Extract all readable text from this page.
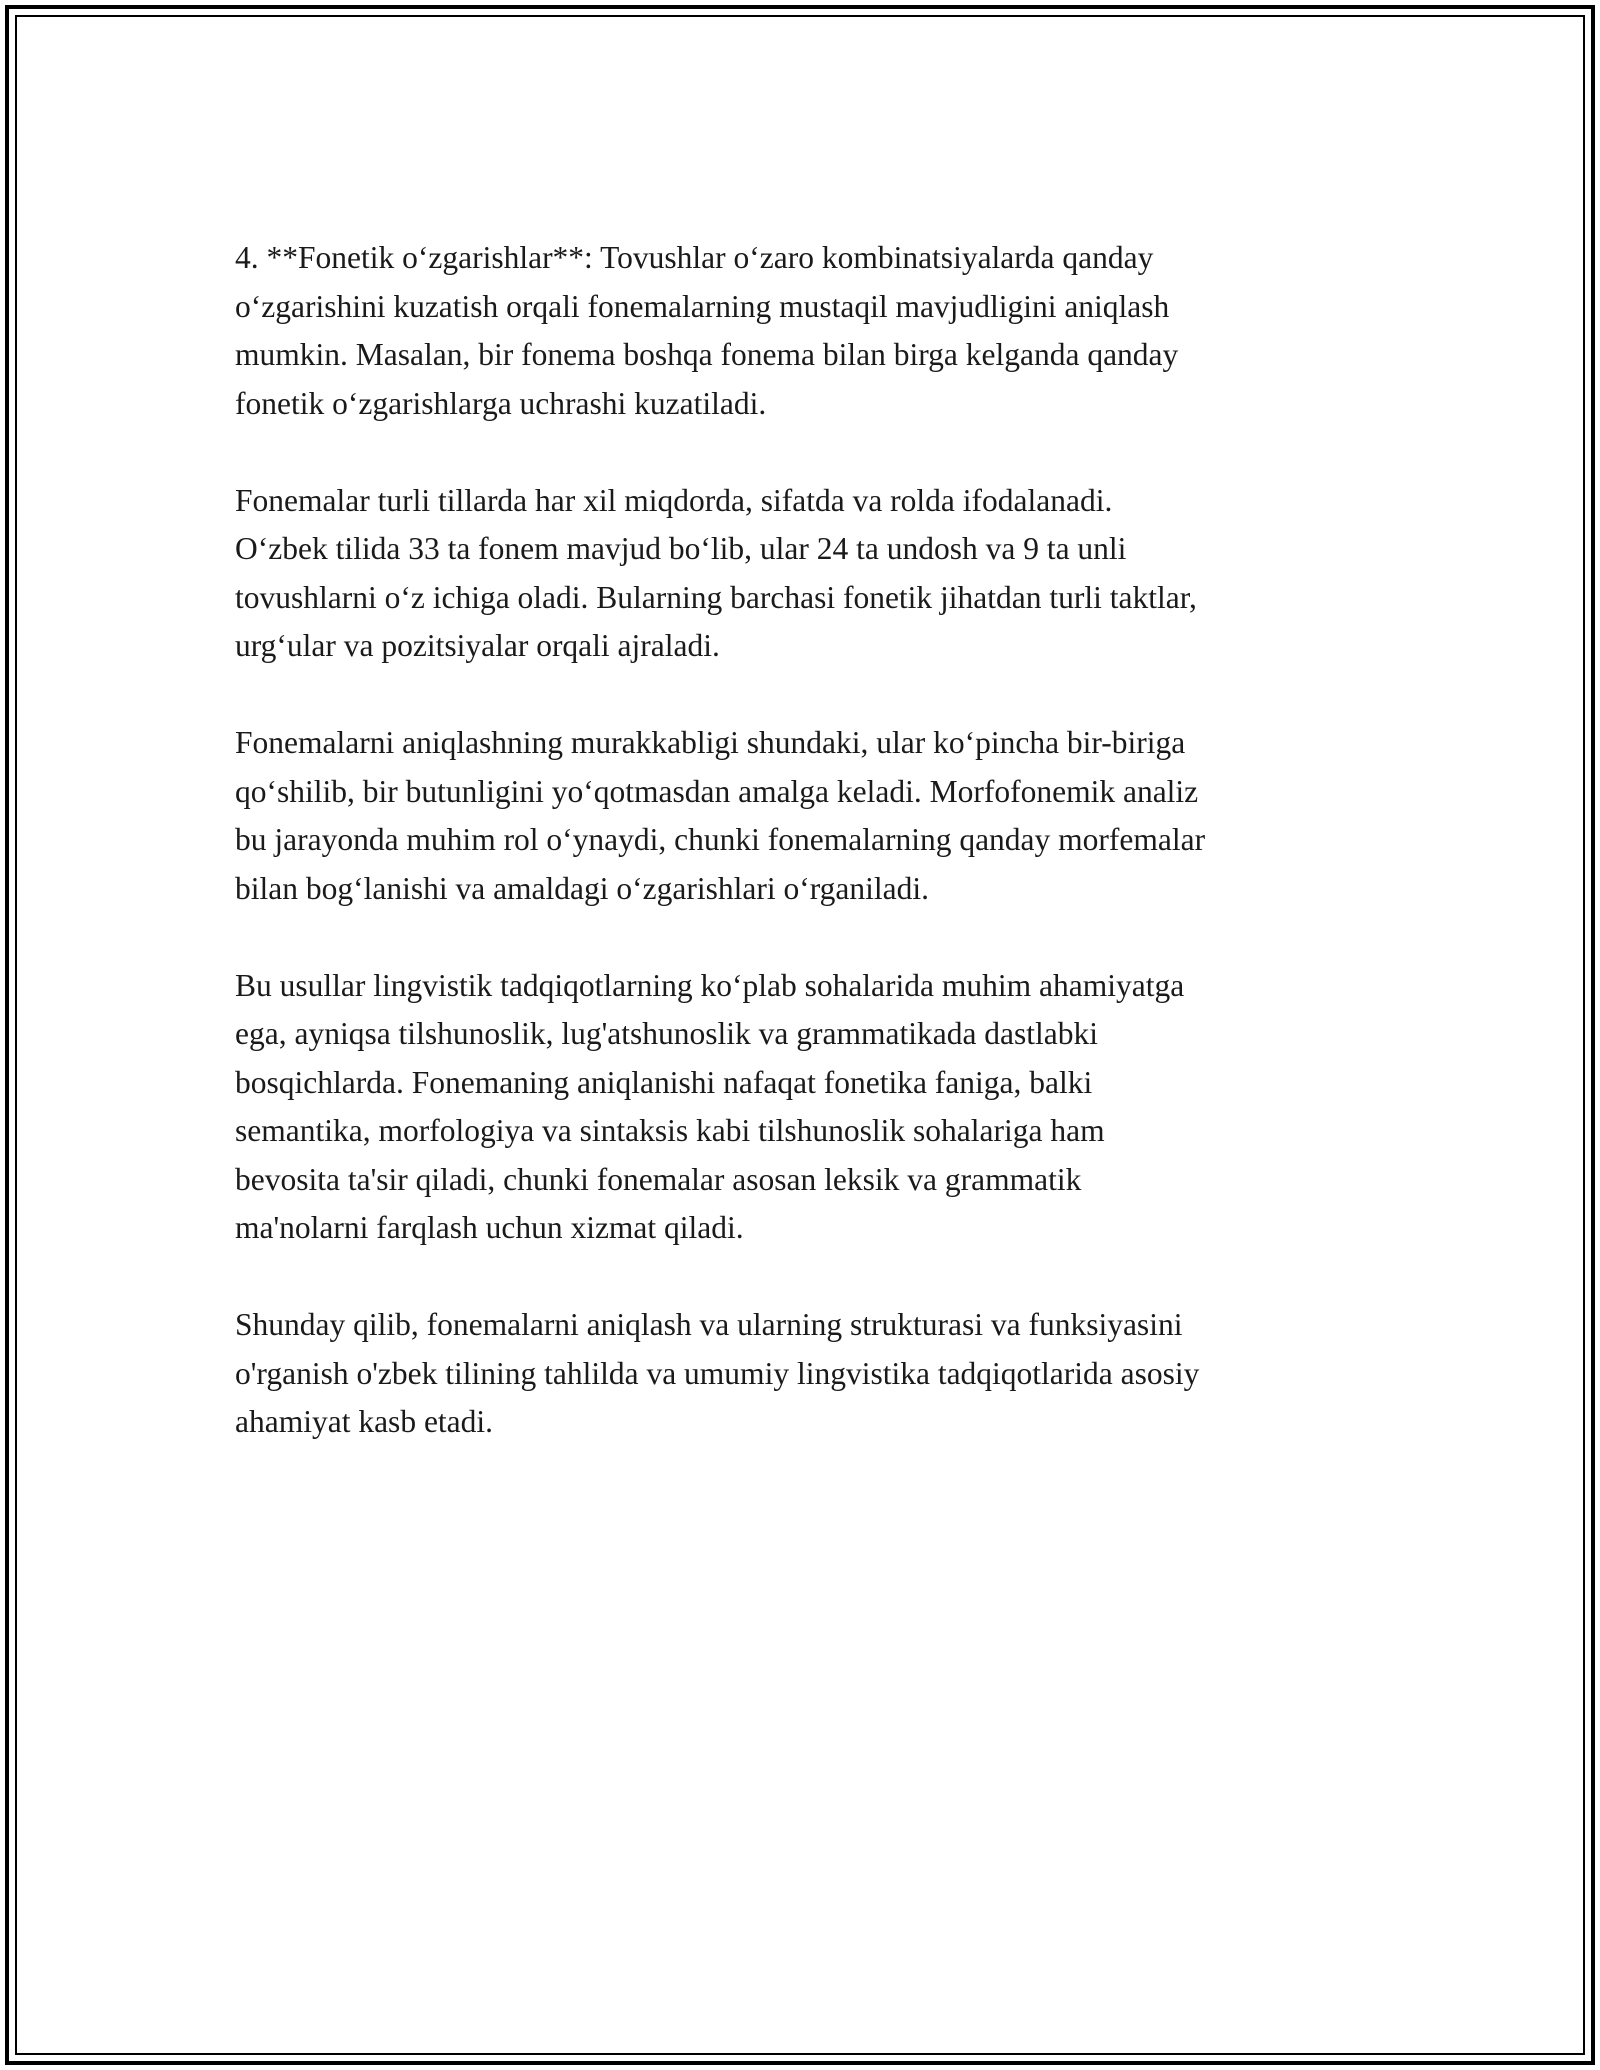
4. **Fonetik oʻzgarishlar**: Tovushlar oʻzaro kombinatsiyalarda qanday
oʻzgarishini kuzatish orqali fonemalarning mustaqil mavjudligini aniqlash
mumkin. Masalan, bir fonema boshqa fonema bilan birga kelganda qanday
fonetik oʻzgarishlarga uchrashi kuzatiladi.

Fonemalar turli tillarda har xil miqdorda, sifatda va rolda ifodalanadi.
Oʻzbek tilida 33 ta fonem mavjud boʻlib, ular 24 ta undosh va 9 ta unli
tovushlarni oʻz ichiga oladi. Bularning barchasi fonetik jihatdan turli taktlar,
urgʻular va pozitsiyalar orqali ajraladi.

Fonemalarni aniqlashning murakkabligi shundaki, ular koʻpincha bir-biriga
qoʻshilib, bir butunligini yoʻqotmasdan amalga keladi. Morfofonemik analiz
bu jarayonda muhim rol oʻynaydi, chunki fonemalarning qanday morfemalar
bilan bogʻlanishi va amaldagi oʻzgarishlari oʻrganiladi.

Bu usullar lingvistik tadqiqotlarning koʻplab sohalarida muhim ahamiyatga
ega, ayniqsa tilshunoslik, lug'atshunoslik va grammatikada dastlabki
bosqichlarda. Fonemaning aniqlanishi nafaqat fonetika faniga, balki
semantika, morfologiya va sintaksis kabi tilshunoslik sohalariga ham
bevosita ta'sir qiladi, chunki fonemalar asosan leksik va grammatik
ma'nolarni farqlash uchun xizmat qiladi.

Shunday qilib, fonemalarni aniqlash va ularning strukturasi va funksiyasini
o'rganish o'zbek tilining tahlilda va umumiy lingvistika tadqiqotlarida asosiy
ahamiyat kasb etadi.
